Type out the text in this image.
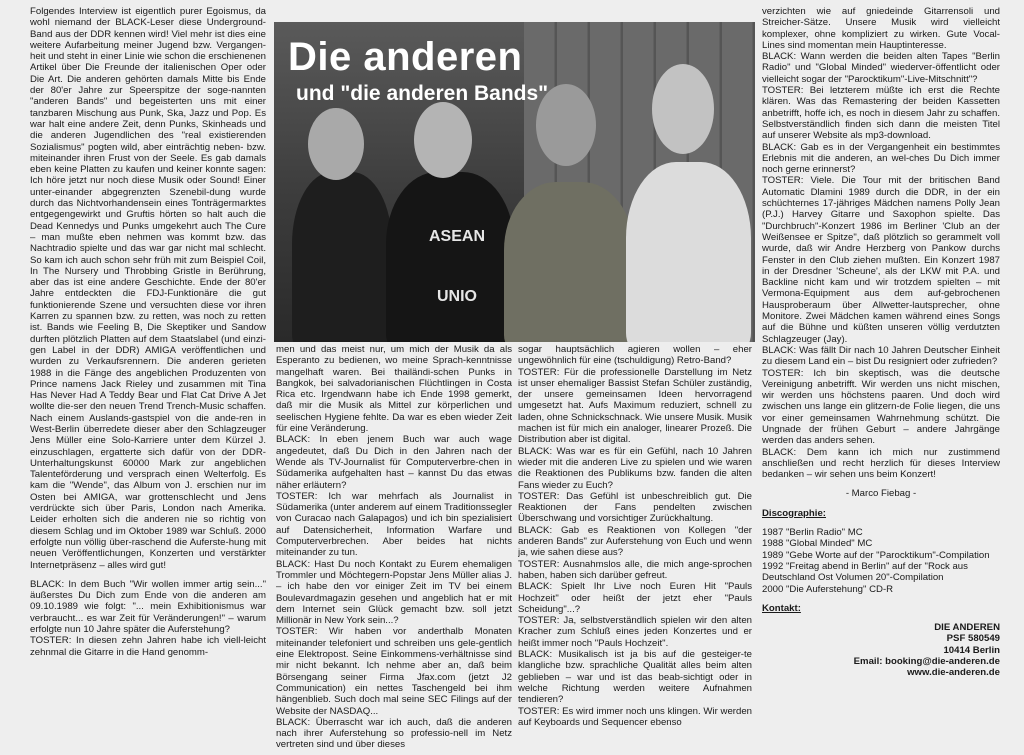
Folgendes Interview ist eigentlich purer Egoismus, da wohl niemand der BLACK-Leser diese Underground-Band aus der DDR kennen wird! Viel mehr ist dies eine weitere Aufarbeitung meiner Jugend bzw. Vergangen-heit und steht in einer Linie wie schon die erschienenen Artikel über Die Freunde der italienischen Oper oder Die Art. Die anderen gehörten damals Mitte bis Ende der 80'er Jahre zur Speerspitze der soge-nannten "anderen Bands" und begeisterten uns mit einer tanzbaren Mischung aus Punk, Ska, Jazz und Pop. Es war halt eine andere Zeit, denn Punks, Skinheads und die anderen Jugendlichen des "real existierenden Sozialismus" pogten wild, aber einträchtig neben- bzw. miteinander ihren Frust von der Seele. Es gab damals eben keine Platten zu kaufen und keiner konnte sagen: Ich höre jetzt nur noch diese Musik oder Sound! Einer unter-einander abgegrenzten Szenebil-dung wurde durch das Nichtvorhandensein eines Tonträgermarktes entgegengewirkt und Gruftis hörten so halt auch die Dead Kennedys und Punks umgekehrt auch The Cure – man mußte eben nehmen was kommt bzw. das Nachtradio spielte und das war gar nicht mal schlecht. So kam ich auch schon sehr früh mit zum Beispiel Coil, In The Nursery und Throbbing Gristle in Berührung, aber das ist eine andere Geschichte. Ende der 80'er Jahre entdeckten die FDJ-Funktionäre die gut funktionierende Szene und versuchten diese vor ihren Karren zu spannen bzw. zu retten, was noch zu retten ist. Bands wie Feeling B, Die Skeptiker und Sandow durften plötzlich Platten auf dem Staatslabel (und einzi-gen Label in der DDR) AMIGA veröffentlichen und wurden zu Verkaufsrennern. Die anderen gerieten 1988 in die Fänge des angeblichen Produzenten von Prince namens Jack Rieley und zusammen mit Tina Has Never Had A Teddy Bear und Flat Cat Drive A Jet wollte die-ser den neuen Trend Trench-Music schaffen. Nach einem Auslands-gastspiel von die ande-ren in West-Berlin überredete dieser aber den Schlagzeuger Jens Müller eine Solo-Karriere unter dem Kürzel J. einzuschlagen, ergatterte sich dafür von der DDR-Unterhaltungskunst 60000 Mark zur angeblichen Talenteförderung und versprach einen Welterfolg. Es kam die "Wende", das Album von J. erschien nur im Osten bei AMIGA, war grottenschlecht und Jens verdrückte sich über Paris, London nach Amerika. Leider erholten sich die anderen nie so richtig von diesem Schlag und im Oktober 1989 war Schluß. 2000 erfolgte nun völlig über-raschend die Auferste-hung mit neuen Veröffentlichungen, Konzerten und verstärkter Internetpräsenz – alles wird gut!

BLACK: In dem Buch "Wir wollen immer artig sein..." äußerstes Du Dich zum Ende von die anderen am 09.10.1989 wie folgt: "... mein Exhibitionismus war verbraucht... es war Zeit für Veränderungen!" – warum erfolgte nun 10 Jahre später die Auferstehung?

TOSTER: In diesen zehn Jahren habe ich viell-leicht zehnmal die Gitarre in die Hand genomm-

ASEAN
UNIO
Die anderen
und "die anderen Bands"

men und das meist nur, um mich der Musik da als Esperanto zu bedienen, wo meine Sprach-kenntnisse mangelhaft waren. Bei thailändi-schen Punks in Bangkok, bei salvadorianischen Flüchtlingen in Costa Rica etc. Irgendwann habe ich Ende 1998 gemerkt, daß mir die Musik als Mittel zur körperlichen und seelischen Hygiene fehlte. Da war es eben wieder Zeit für eine Veränderung.

BLACK: In eben jenem Buch war auch wage angedeutet, daß Du Dich in den Jahren nach der Wende als TV-Journalist für Computerverbre-chen in Südamerika aufgehalten hast – kannst Du das etwas näher erläutern?

TOSTER: Ich war mehrfach als Journalist in Südamerika (unter anderem auf einem Traditionssegler von Curacao nach Galapagos) und ich bin spezialisiert auf Datensicherheit, Information Warfare und Computerverbrechen. Aber beides hat nichts miteinander zu tun.

BLACK: Hast Du noch Kontakt zu Eurem ehemaligen Trommler und Möchtegern-Popstar Jens Müller alias J. – ich habe den vor einiger Zeit im TV bei einem Boulevardmagazin gesehen und angeblich hat er mit dem Internet sein Glück gemacht bzw. soll jetzt Millionär in New York sein...?

TOSTER: Wir haben vor anderthalb Monaten miteinander telefoniert und schreiben uns gele-gentlich eine Elektropost. Seine Einkommens-verhältnisse sind mir nicht bekannt. Ich nehme aber an, daß beim Börsengang seiner Firma Jfax.com (jetzt J2 Communication) ein nettes Taschengeld bei ihm hängenblieb. Such doch mal seine SEC Filings auf der Website der NASDAQ...

BLACK: Überrascht war ich auch, daß die anderen nach ihrer Auferstehung so professio-nell im Netz vertreten sind und über dieses

sogar hauptsächlich agieren wollen – eher ungewöhnlich für eine (tschuldigung) Retro-Band?

TOSTER: Für die professionelle Darstellung im Netz ist unser ehemaliger Bassist Stefan Schüler zuständig, der unsere gemeinsamen Ideen hervorragend umgesetzt hat. Aufs Maximum reduziert, schnell zu laden, ohne Schnickschnack. Wie unsere Musik. Musik machen ist für mich ein analoger, linearer Prozeß. Die Distribution aber ist digital.

BLACK: Was war es für ein Gefühl, nach 10 Jahren wieder mit die anderen Live zu spielen und wie waren die Reaktionen des Publikums bzw. fanden die alten Fans wieder zu Euch?

TOSTER: Das Gefühl ist unbeschreiblich gut. Die Reaktionen der Fans pendelten zwischen Überschwang und vorsichtiger Zurückhaltung.

BLACK: Gab es Reaktionen von Kollegen "der anderen Bands" zur Auferstehung von Euch und wenn ja, wie sahen diese aus?

TOSTER: Ausnahmslos alle, die mich ange-sprochen haben, haben sich darüber gefreut.

BLACK: Spielt Ihr Live noch Euren Hit "Pauls Hochzeit" oder heißt der jetzt eher "Pauls Scheidung"...?

TOSTER: Ja, selbstverständlich spielen wir den alten Kracher zum Schluß eines jeden Konzertes und er heißt immer noch "Pauls Hochzeit".

BLACK: Musikalisch ist ja bis auf die gesteiger-te klangliche bzw. sprachliche Qualität alles beim alten geblieben – war und ist das beab-sichtigt oder in welche Richtung werden weitere Aufnahmen tendieren?

TOSTER: Es wird immer noch uns klingen. Wir werden auf Keyboards und Sequencer ebenso

verzichten wie auf gniedeinde Gitarrensoli und Streicher-Sätze. Unsere Musik wird vielleicht komplexer, ohne kompliziert zu wirken. Gute Vocal-Lines sind momentan mein Hauptinteresse.

BLACK: Wann werden die beiden alten Tapes "Berlin Radio" und "Global Minded" wiederver-öffentlicht oder vielleicht sogar der "Parocktikum"-Live-Mitschnitt"?

TOSTER: Bei letzterem müßte ich erst die Rechte klären. Was das Remastering der beiden Kassetten anbetrifft, hoffe ich, es noch in diesem Jahr zu schaffen. Selbstverständlich finden sich dann die meisten Titel auf unserer Website als mp3-download.

BLACK: Gab es in der Vergangenheit ein bestimmtes Erlebnis mit die anderen, an wel-ches Du Dich immer noch gerne erinnerst?

TOSTER: Viele. Die Tour mit der britischen Band Automatic Dlamini 1989 durch die DDR, in der ein schüchternes 17-jähriges Mädchen namens Polly Jean (P.J.) Harvey Gitarre und Saxophon spielte. Das "Durchbruch"-Konzert 1986 im Berliner 'Club an der Weißensee er Spitze", daß plötzlich so gerammelt voll wurde, daß wir Andre Herzberg von Pankow durchs Fenster in den Club ziehen mußten. Ein Konzert 1987 in der Dresdner 'Scheune', als der LKW mit P.A. und Backline nicht kam und wir trotzdem spielten – mit Vermona-Equipment aus dem auf-gebrochenen Hausproberaum über Allwetter-lautsprecher, ohne Monitore. Zwei Mädchen kamen während eines Songs auf die Bühne und küßten unseren völlig verdutzten Schlagzeuger (Jay).

BLACK: Was fällt Dir nach 10 Jahren Deutscher Einheit zu diesem Land ein – bist Du resigniert oder zufrieden?

TOSTER: Ich bin skeptisch, was die deutsche Vereinigung anbetrifft. Wir werden uns nicht mischen, wir werden uns höchstens paaren. Und doch wird zwischen uns lange ein glitzern-de Folie liegen, die uns vor einer gemeinsamen Wahrnehmung schützt. Die Ungnade der frühen Geburt – andere Jahrgänge werden das anders sehen.

BLACK: Dem kann ich mich nur zustimmend anschließen und recht herzlich für dieses Interview bedanken – wir sehen uns beim Konzert!

- Marco Fiebag -

Discographie:

1987 "Berlin Radio" MC

1988 "Global Minded" MC

1989 "Gebe Worte auf der "Parocktikum"-Compilation

1992 "Freitag abend in Berlin" auf der "Rock aus Deutschland Ost Volumen 20"-Compilation

2000 "Die Auferstehung" CD-R

Kontakt:

DIE ANDEREN

PSF 580549

10414 Berlin

Email: booking@die-anderen.de

www.die-anderen.de
